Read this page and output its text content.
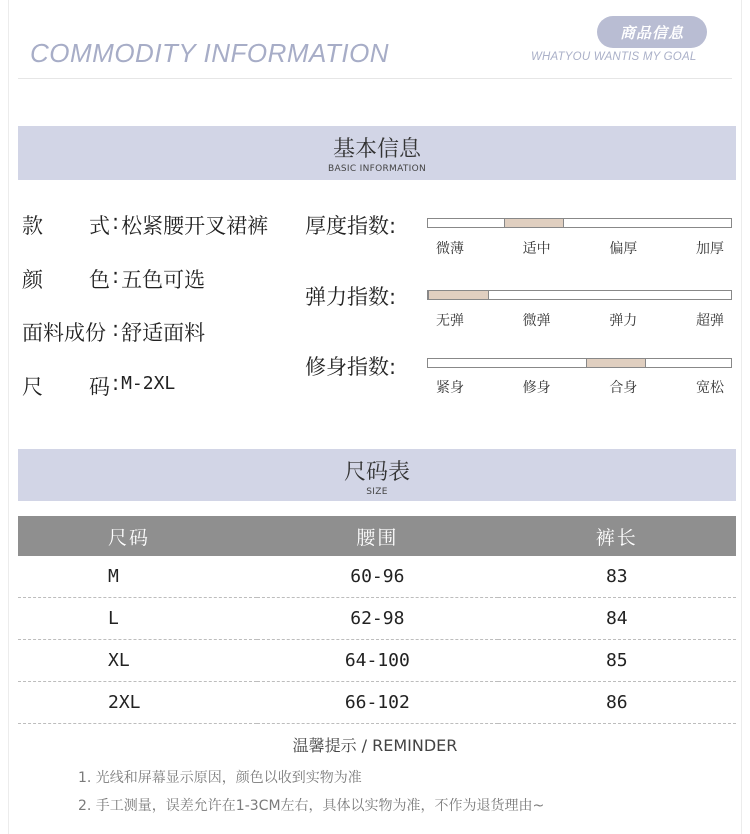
COMMODITY INFORMATION
商品信息
WHATYOU WANTIS MY GOAL
基本信息
BASIC INFORMATION
款 式 : 松紧腰开叉裙裤
颜 色 : 五色可选
面料成份 : 舒适面料
尺 码 : M-2XL
厚度指数:
微薄	适中	偏厚	加厚
弹力指数:
无弹	微弹	弹力	超弹
修身指数:
紧身	修身	合身	宽松
尺码表
SIZE
尺码	腰围	裤长
M	60-96	83
L	62-98	84
XL	64-100	85
2XL	66-102	86
温馨提示 / REMINDER
1. 光线和屏幕显示原因，颜色以收到实物为准
2. 手工测量，误差允许在1-3CM左右，具体以实物为准，不作为退货理由~
